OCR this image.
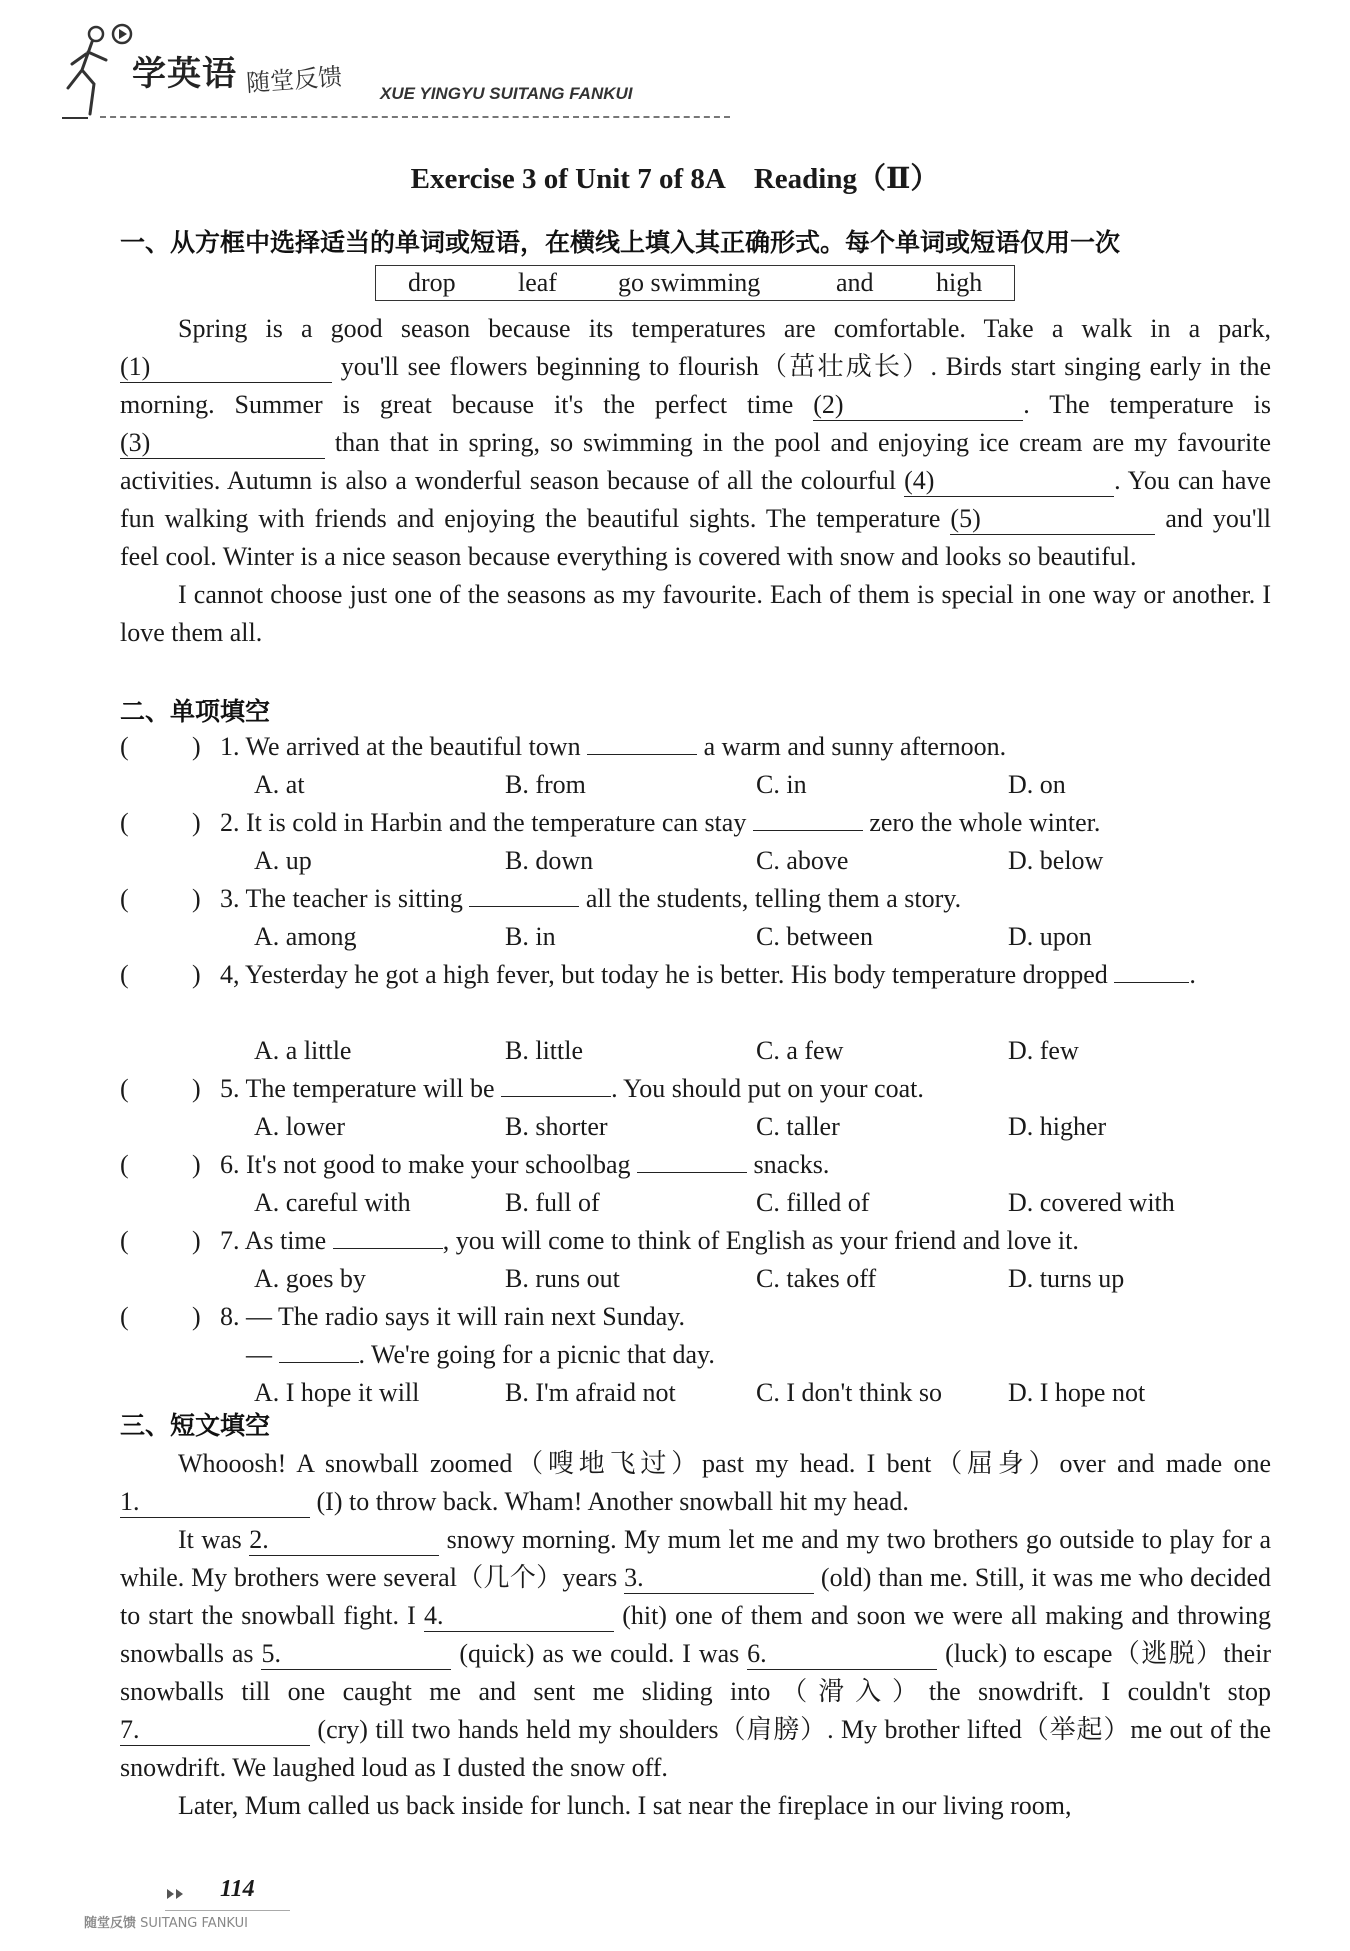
学英语 随堂反馈 XUE YINGYU SUITANG FANKUI
Exercise 3 of Unit 7 of 8A Reading（Ⅱ）
一、从方框中选择适当的单词或短语，在横线上填入其正确形式。每个单词或短语仅用一次
drop leaf go swimming	and high
Spring is a good season because its temperatures are comfortable. Take a walk in a park, (1)	you'll see flowers beginning to flourish（茁壮成长）. Birds start singing early in the morning. Summer is great because it's the perfect time (2)	. The temperature is (3)	than that in spring, so swimming in the pool and enjoying ice cream are my favourite activities. Autumn is also a wonderful season because of all the colourful (4)	. You can have fun walking with friends and enjoying the beautiful sights. The temperature (5)	and you'll feel cool. Winter is a nice season because everything is covered with snow and looks so beautiful.
I cannot choose just one of the seasons as my favourite. Each of them is special in one way or another. I love them all.
二、单项填空
( ) 1. We arrived at the beautiful town	a warm and sunny afternoon.
A. at	B. from	C. in	D. on
( ) 2. It is cold in Harbin and the temperature can stay	zero the whole winter.
A. up	B. down	C. above	D. below
( ) 3. The teacher is sitting	all the students, telling them a story.
A. among	B. in	C. between	D. upon
( ) 4, Yesterday he got a high fever, but today he is better. His body temperature dropped	.
A. a little	B. little	C. a few	D. few
( ) 5. The temperature will be	. You should put on your coat.
A. lower	B. shorter	C. taller	D. higher
( ) 6. It's not good to make your schoolbag	snacks.
A. careful with	B. full of	C. filled of	D. covered with
( ) 7. As time	, you will come to think of English as your friend and love it.
A. goes by	B. runs out	C. takes off	D. turns up
( ) 8. — The radio says it will rain next Sunday.
—	. We're going for a picnic that day.
A. I hope it will	B. I'm afraid not	C. I don't think so	D. I hope not
三、短文填空
Whooosh! A snowball zoomed（嗖地飞过）past my head. I bent（屈身）over and made one 1.	(I) to throw back. Wham! Another snowball hit my head.
It was 2.	snowy morning. My mum let me and my two brothers go outside to play for a while. My brothers were several（几个）years 3.	(old) than me. Still, it was me who decided to start the snowball fight. I 4.	(hit) one of them and soon we were all making and throwing snowballs as 5.	(quick) as we could. I was 6.	(luck) to escape（逃脱）their snowballs till one caught me and sent me sliding into（滑入）the snowdrift. I couldn't stop 7.	(cry) till two hands held my shoulders（肩膀）. My brother lifted（举起）me out of the snowdrift. We laughed loud as I dusted the snow off.
Later, Mum called us back inside for lunch. I sat near the fireplace in our living room,
114
随堂反馈 SUITANG FANKUI
